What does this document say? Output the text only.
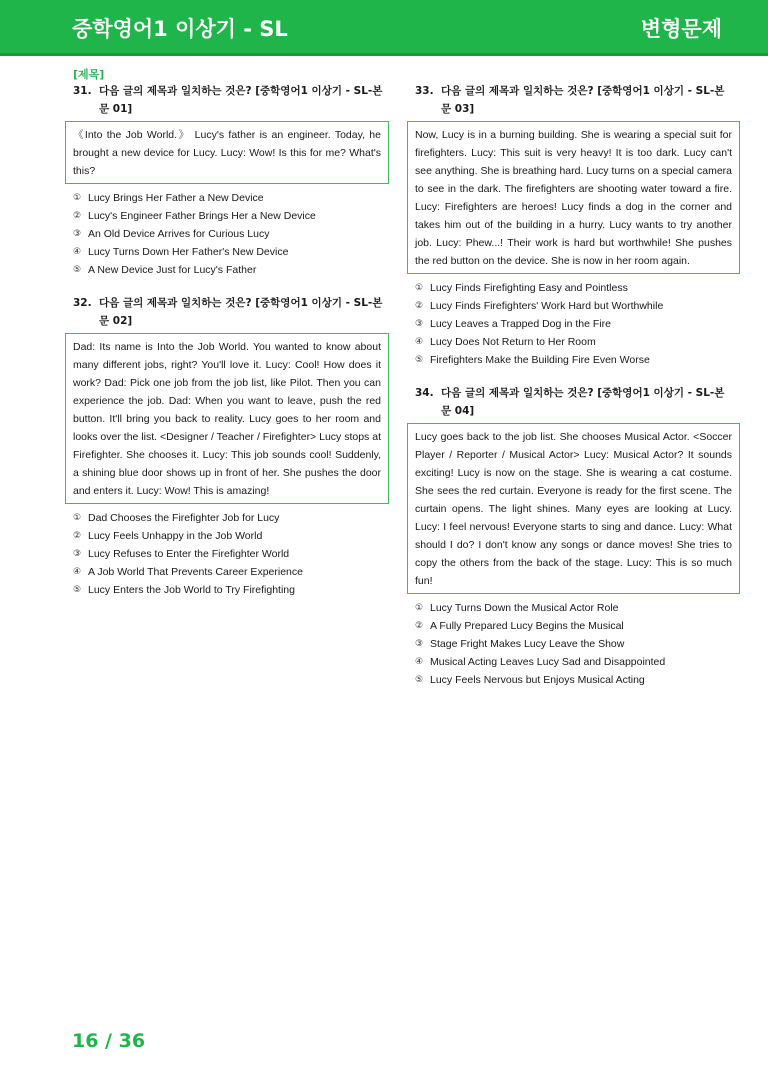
중학영어1 이상기 - SL	변형문제
[제목]
31. 다음 글의 제목과 일치하는 것은? [중학영어1 이상기 - SL-본
문 01]
《Into the Job World.》 Lucy's father is an engineer. Today, he brought a new device for Lucy. Lucy: Wow! Is this for me? What's this?
① Lucy Brings Her Father a New Device
② Lucy's Engineer Father Brings Her a New Device
③ An Old Device Arrives for Curious Lucy
④ Lucy Turns Down Her Father's New Device
⑤ A New Device Just for Lucy's Father
32. 다음 글의 제목과 일치하는 것은? [중학영어1 이상기 - SL-본
문 02]
Dad: Its name is Into the Job World. You wanted to know about many different jobs, right? You'll love it. Lucy: Cool! How does it work? Dad: Pick one job from the job list, like Pilot. Then you can experience the job. Dad: When you want to leave, push the red button. It'll bring you back to reality. Lucy goes to her room and looks over the list. <Designer / Teacher / Firefighter> Lucy stops at Firefighter. She chooses it. Lucy: This job sounds cool! Suddenly, a shining blue door shows up in front of her. She pushes the door and enters it. Lucy: Wow! This is amazing!
① Dad Chooses the Firefighter Job for Lucy
② Lucy Feels Unhappy in the Job World
③ Lucy Refuses to Enter the Firefighter World
④ A Job World That Prevents Career Experience
⑤ Lucy Enters the Job World to Try Firefighting
33. 다음 글의 제목과 일치하는 것은? [중학영어1 이상기 - SL-본
문 03]
Now, Lucy is in a burning building. She is wearing a special suit for firefighters. Lucy: This suit is very heavy! It is too dark. Lucy can't see anything. She is breathing hard. Lucy turns on a special camera to see in the dark. The firefighters are shooting water toward a fire. Lucy: Firefighters are heroes! Lucy finds a dog in the corner and takes him out of the building in a hurry. Lucy wants to try another job. Lucy: Phew...! Their work is hard but worthwhile! She pushes the red button on the device. She is now in her room again.
① Lucy Finds Firefighting Easy and Pointless
② Lucy Finds Firefighters' Work Hard but Worthwhile
③ Lucy Leaves a Trapped Dog in the Fire
④ Lucy Does Not Return to Her Room
⑤ Firefighters Make the Building Fire Even Worse
34. 다음 글의 제목과 일치하는 것은? [중학영어1 이상기 - SL-본
문 04]
Lucy goes back to the job list. She chooses Musical Actor. <Soccer Player / Reporter / Musical Actor> Lucy: Musical Actor? It sounds exciting! Lucy is now on the stage. She is wearing a cat costume. She sees the red curtain. Everyone is ready for the first scene. The curtain opens. The light shines. Many eyes are looking at Lucy. Lucy: I feel nervous! Everyone starts to sing and dance. Lucy: What should I do? I don't know any songs or dance moves! She tries to copy the others from the back of the stage. Lucy: This is so much fun!
① Lucy Turns Down the Musical Actor Role
② A Fully Prepared Lucy Begins the Musical
③ Stage Fright Makes Lucy Leave the Show
④ Musical Acting Leaves Lucy Sad and Disappointed
⑤ Lucy Feels Nervous but Enjoys Musical Acting
16 / 36
